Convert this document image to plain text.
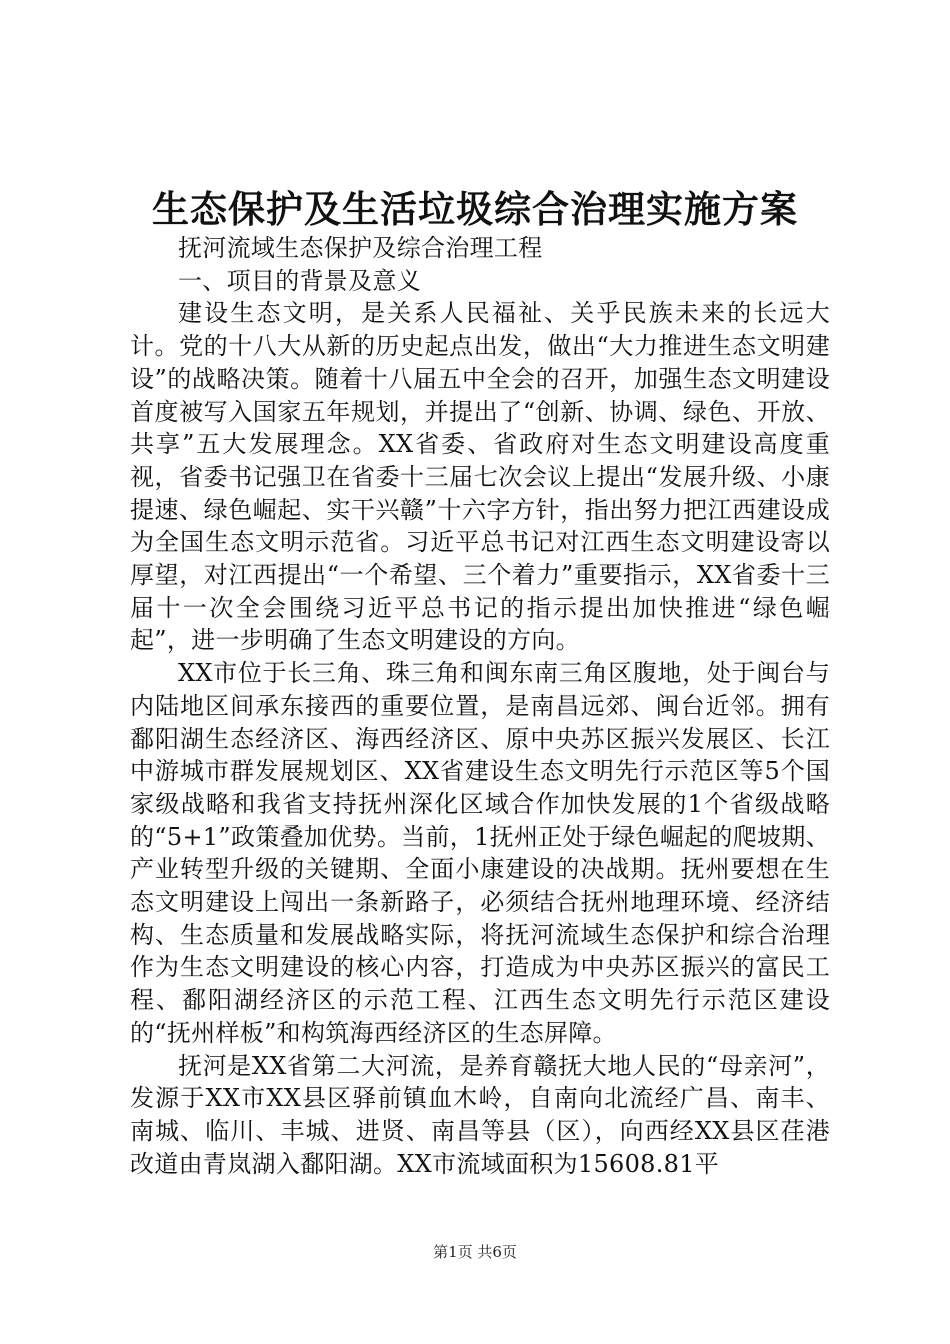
生态保护及生活垃圾综合治理实施方案

抚河流域生态保护及综合治理工程

一、项目的背景及意义

建设生态文明，是关系人民福祉、关乎民族未来的长远大计。党的十八大从新的历史起点出发，做出“大力推进生态文明建设”的战略决策。随着十八届五中全会的召开，加强生态文明建设首度被写入国家五年规划，并提出了“创新、协调、绿色、开放、共享”五大发展理念。XX省委、省政府对生态文明建设高度重视，省委书记强卫在省委十三届七次会议上提出“发展升级、小康提速、绿色崛起、实干兴赣”十六字方针，指出努力把江西建设成为全国生态文明示范省。习近平总书记对江西生态文明建设寄以厚望，对江西提出“一个希望、三个着力”重要指示，XX省委十三届十一次全会围绕习近平总书记的指示提出加快推进“绿色崛起”，进一步明确了生态文明建设的方向。

XX市位于长三角、珠三角和闽东南三角区腹地，处于闽台与内陆地区间承东接西的重要位置，是南昌远郊、闽台近邻。拥有鄱阳湖生态经济区、海西经济区、原中央苏区振兴发展区、长江中游城市群发展规划区、XX省建设生态文明先行示范区等5个国家级战略和我省支持抚州深化区域合作加快发展的1个省级战略的“5+1”政策叠加优势。当前，1抚州正处于绿色崛起的爬坡期、产业转型升级的关键期、全面小康建设的决战期。抚州要想在生态文明建设上闯出一条新路子，必须结合抚州地理环境、经济结构、生态质量和发展战略实际，将抚河流域生态保护和综合治理作为生态文明建设的核心内容，打造成为中央苏区振兴的富民工程、鄱阳湖经济区的示范工程、江西生态文明先行示范区建设的“抚州样板”和构筑海西经济区的生态屏障。

抚河是XX省第二大河流，是养育赣抚大地人民的“母亲河”，发源于XX市XX县区驿前镇血木岭，自南向北流经广昌、南丰、南城、临川、丰城、进贤、南昌等县（区），向西经XX县区荏港改道由青岚湖入鄱阳湖。XX市流域面积为15608.81平

第1页 共6页
